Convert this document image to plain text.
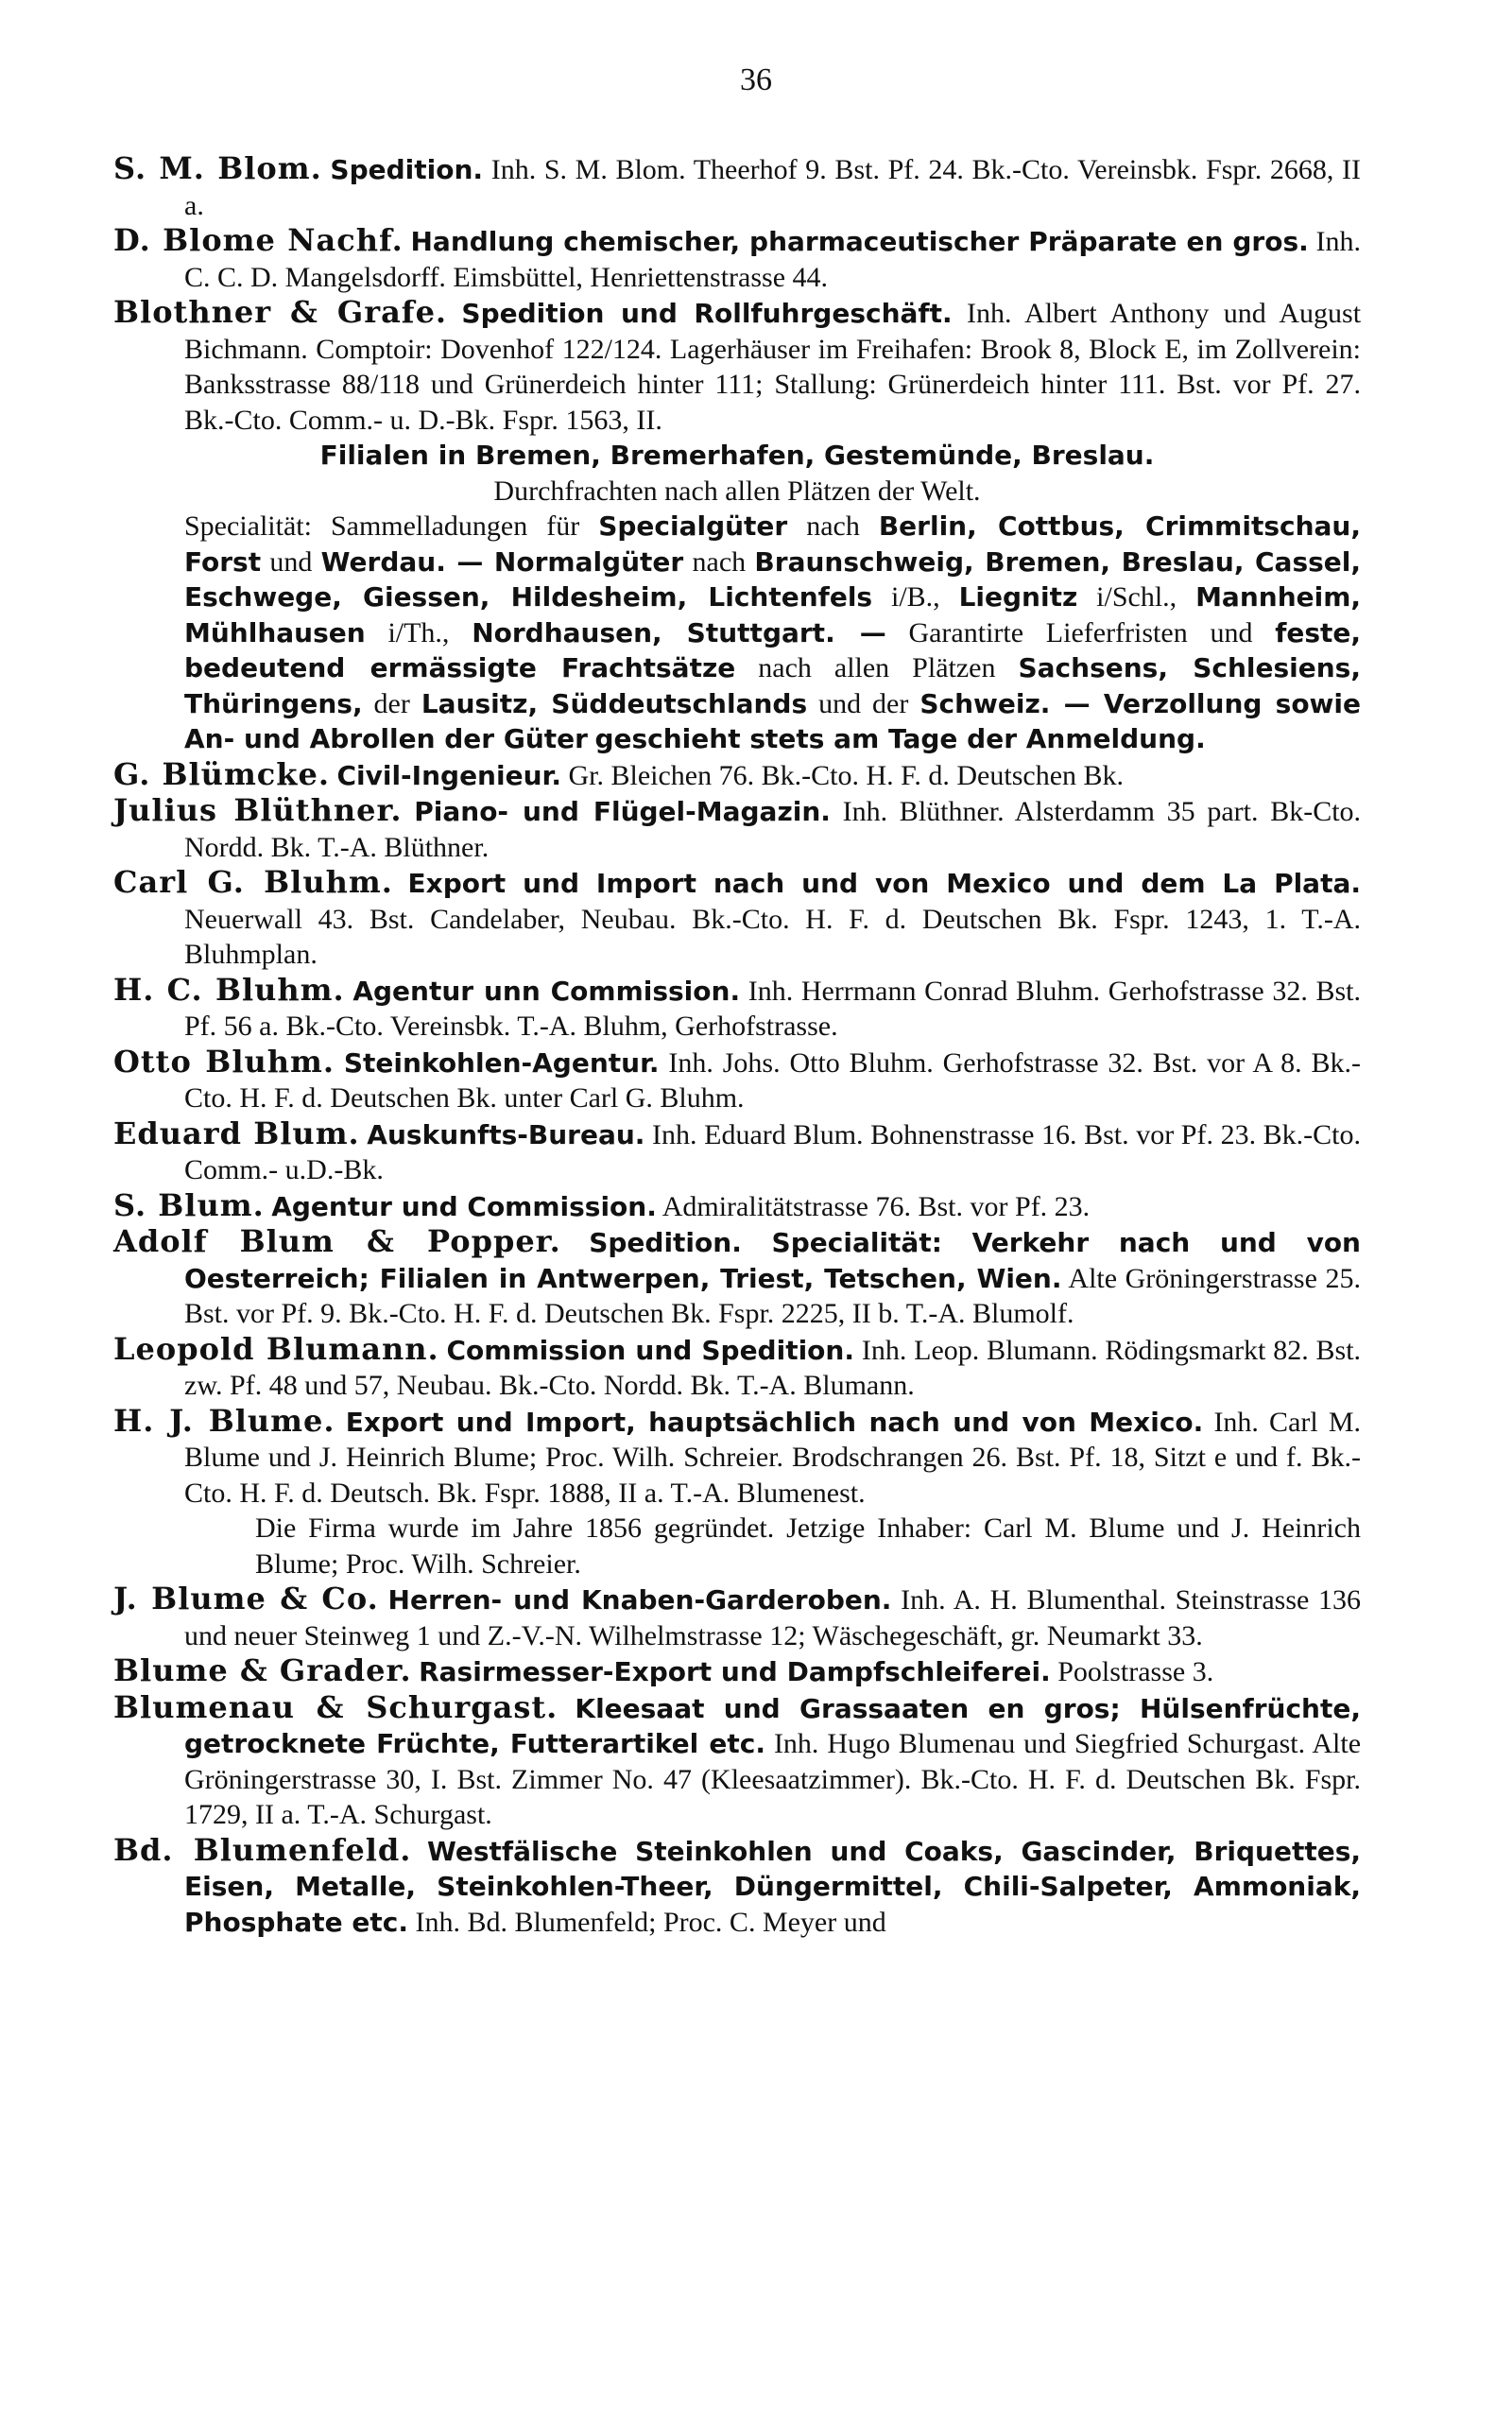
36

S. M. Blom. Spedition. Inh. S. M. Blom. Theerhof 9. Bst. Pf. 24. Bk.-Cto. Vereinsbk. Fspr. 2668, II a.

D. Blome Nachf. Handlung chemischer, pharmaceutischer Präparate en gros. Inh. C. C. D. Mangelsdorff. Eimsbüttel, Henriettenstrasse 44.

Blothner & Grafe. Spedition und Rollfuhrgeschäft. Inh. Albert Anthony und August Bichmann. Comptoir: Dovenhof 122/124. Lagerhäuser im Freihafen: Brook 8, Block E, im Zollverein: Banksstrasse 88/118 und Grünerdeich hinter 111; Stallung: Grünerdeich hinter 111. Bst. vor Pf. 27. Bk.-Cto. Comm.- u. D.-Bk. Fspr. 1563, II.

Filialen in Bremen, Bremerhafen, Gestemünde, Breslau.

Durchfrachten nach allen Plätzen der Welt.

Specialität: Sammelladungen für Specialgüter nach Berlin, Cottbus, Crimmitschau, Forst und Werdau. — Normalgüter nach Braunschweig, Bremen, Breslau, Cassel, Eschwege, Giessen, Hildesheim, Lichtenfels i/B., Liegnitz i/Schl., Mannheim, Mühlhausen i/Th., Nordhausen, Stuttgart. — Garantirte Lieferfristen und feste, bedeutend ermässigte Frachtsätze nach allen Plätzen Sachsens, Schlesiens, Thüringens, der Lausitz, Süddeutschlands und der Schweiz. — Verzollung sowie An- und Abrollen der Güter geschieht stets am Tage der Anmeldung.

G. Blümcke. Civil-Ingenieur. Gr. Bleichen 76. Bk.-Cto. H. F. d. Deutschen Bk.

Julius Blüthner. Piano- und Flügel-Magazin. Inh. Blüthner. Alsterdamm 35 part. Bk-Cto. Nordd. Bk. T.-A. Blüthner.

Carl G. Bluhm. Export und Import nach und von Mexico und dem La Plata. Neuerwall 43. Bst. Candelaber, Neubau. Bk.-Cto. H. F. d. Deutschen Bk. Fspr. 1243, 1. T.-A. Bluhmplan.

H. C. Bluhm. Agentur unn Commission. Inh. Herrmann Conrad Bluhm. Gerhofstrasse 32. Bst. Pf. 56 a. Bk.-Cto. Vereinsbk. T.-A. Bluhm, Gerhofstrasse.

Otto Bluhm. Steinkohlen-Agentur. Inh. Johs. Otto Bluhm. Gerhofstrasse 32. Bst. vor A 8. Bk.-Cto. H. F. d. Deutschen Bk. unter Carl G. Bluhm.

Eduard Blum. Auskunfts-Bureau. Inh. Eduard Blum. Bohnenstrasse 16. Bst. vor Pf. 23. Bk.-Cto. Comm.- u.D.-Bk.

S. Blum. Agentur und Commission. Admiralitätstrasse 76. Bst. vor Pf. 23.

Adolf Blum & Popper. Spedition. Specialität: Verkehr nach und von Oesterreich; Filialen in Antwerpen, Triest, Tetschen, Wien. Alte Gröningerstrasse 25. Bst. vor Pf. 9. Bk.-Cto. H. F. d. Deutschen Bk. Fspr. 2225, II b. T.-A. Blumolf.

Leopold Blumann. Commission und Spedition. Inh. Leop. Blumann. Rödingsmarkt 82. Bst. zw. Pf. 48 und 57, Neubau. Bk.-Cto. Nordd. Bk. T.-A. Blumann.

H. J. Blume. Export und Import, hauptsächlich nach und von Mexico. Inh. Carl M. Blume und J. Heinrich Blume; Proc. Wilh. Schreier. Brodschrangen 26. Bst. Pf. 18, Sitzt e und f. Bk.-Cto. H. F. d. Deutsch. Bk. Fspr. 1888, II a. T.-A. Blumenest.

Die Firma wurde im Jahre 1856 gegründet. Jetzige Inhaber: Carl M. Blume und J. Heinrich Blume; Proc. Wilh. Schreier.

J. Blume & Co. Herren- und Knaben-Garderoben. Inh. A. H. Blumenthal. Steinstrasse 136 und neuer Steinweg 1 und Z.-V.-N. Wilhelmstrasse 12; Wäschegeschäft, gr. Neumarkt 33.

Blume & Grader. Rasirmesser-Export und Dampfschleiferei. Poolstrasse 3.

Blumenau & Schurgast. Kleesaat und Grassaaten en gros; Hülsenfrüchte, getrocknete Früchte, Futterartikel etc. Inh. Hugo Blumenau und Siegfried Schurgast. Alte Gröningerstrasse 30, I. Bst. Zimmer No. 47 (Kleesaatzimmer). Bk.-Cto. H. F. d. Deutschen Bk. Fspr. 1729, II a. T.-A. Schurgast.

Bd. Blumenfeld. Westfälische Steinkohlen und Coaks, Gascinder, Briquettes, Eisen, Metalle, Steinkohlen-Theer, Düngermittel, Chili-Salpeter, Ammoniak, Phosphate etc. Inh. Bd. Blumenfeld; Proc. C. Meyer und
